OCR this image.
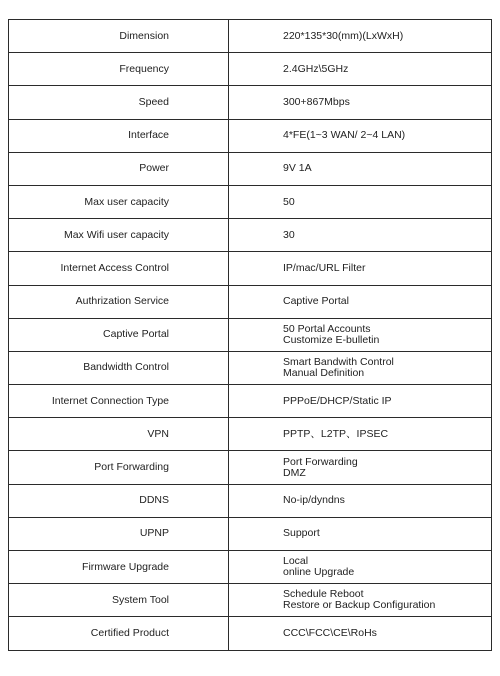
Dimension	220*135*30(mm)(LxWxH)

Frequency	2.4GHz\5GHz

Speed	300+867Mbps

Interface	4*FE(1~3 WAN/ 2~4 LAN)

Power	9V 1A

Max user capacity	50

Max Wifi user capacity	30

Internet Access Control	IP/mac/URL Filter

Authrization Service	Captive Portal

Captive Portal	50 Portal Accounts
Customize E-bulletin

Bandwidth Control	Smart Bandwith Control
Manual Definition

Internet Connection Type	PPPoE/DHCP/Static IP

VPN	PPTP、L2TP、IPSEC

Port Forwarding	Port Forwarding
DMZ

DDNS	No-ip/dyndns

UPNP	Support

Firmware Upgrade	Local
online Upgrade

System Tool	Schedule Reboot
Restore or Backup Configuration

Certified Product	CCC\FCC\CE\RoHs
